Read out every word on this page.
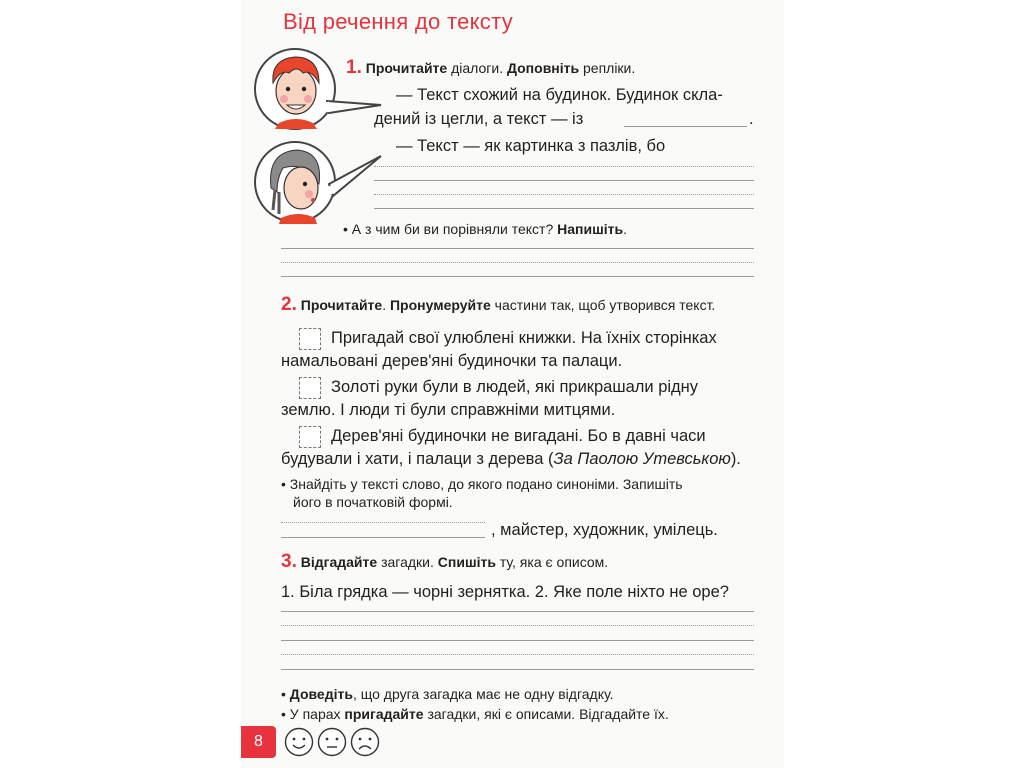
Від речення до тексту
1. Прочитайте діалоги. Доповніть репліки.
— Текст схожий на будинок. Будинок скла-
дений із цегли, а текст — із	.
— Текст — як картинка з пазлів, бо
• А з чим би ви порівняли текст? Напишіть.
2. Прочитайте. Пронумеруйте частини так, щоб утворився текст.
Пригадай свої улюблені книжки. На їхніх сторінках
намальовані дерев'яні будиночки та палаци.
Золоті руки були в людей, які прикрашали рідну
землю. І люди ті були справжніми митцями.
Дерев'яні будиночки не вигадані. Бо в давні часи
будували і хати, і палаци з дерева (За Паолою Утевською).
• Знайдіть у тексті слово, до якого подано синоніми. Запишіть
його в початковій формі.
, майстер, художник, умілець.
3. Відгадайте загадки. Спишіть ту, яка є описом.
1. Біла грядка — чорні зернятка. 2. Яке поле ніхто не оре?
• Доведіть, що друга загадка має не одну відгадку.
• У парах пригадайте загадки, які є описами. Відгадайте їх.
8
